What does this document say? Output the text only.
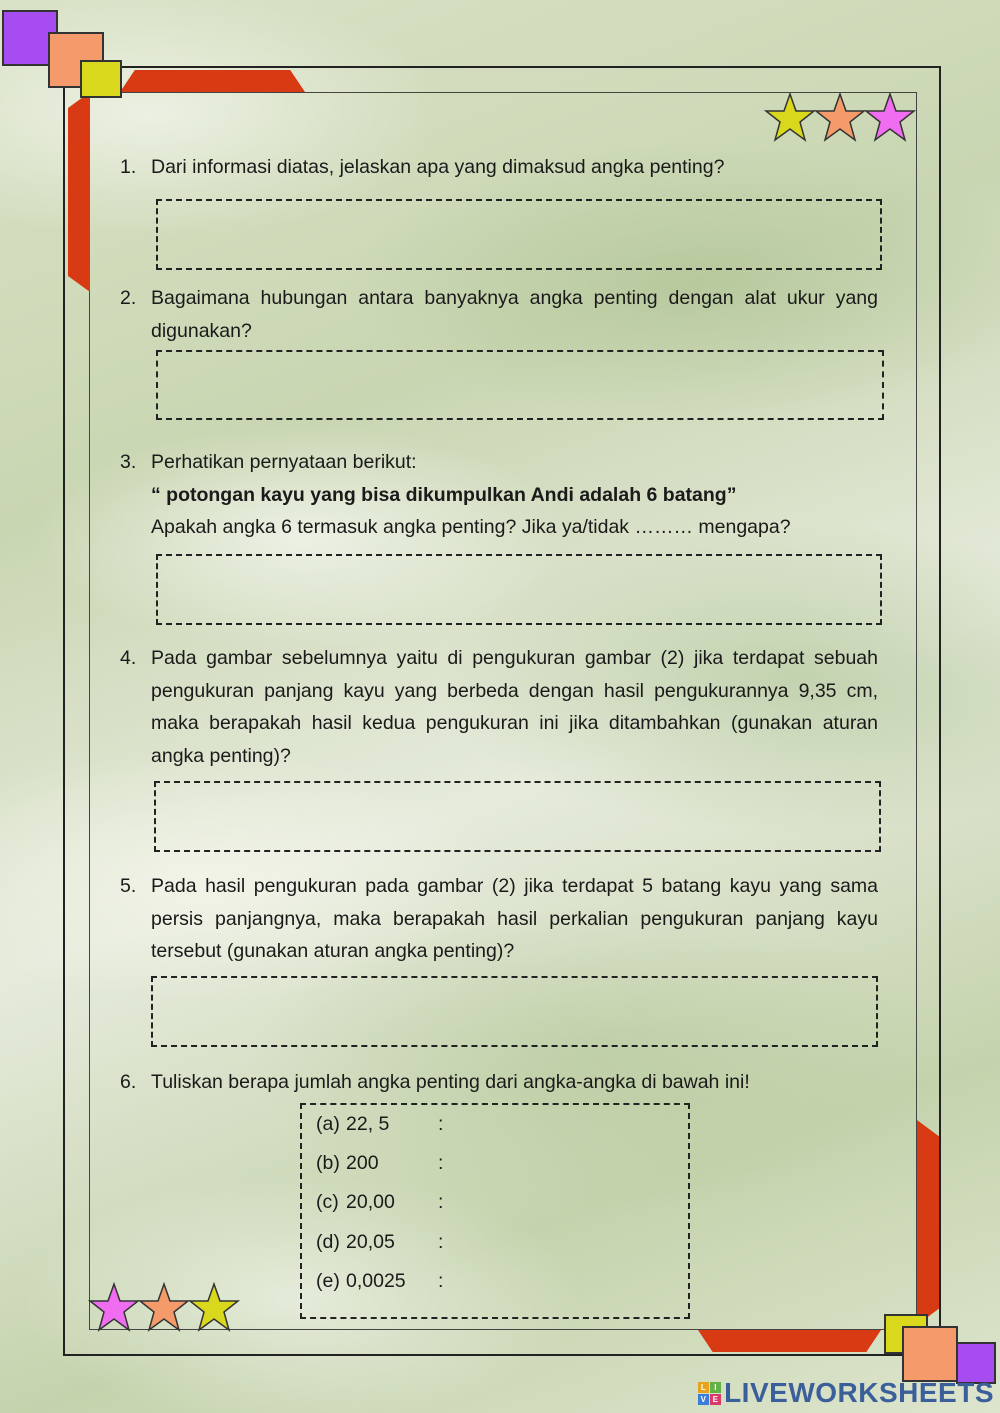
1. Dari informasi diatas, jelaskan apa yang dimaksud angka penting?
2. Bagaimana hubungan antara banyaknya angka penting dengan alat ukur yang digunakan?
3. Perhatikan pernyataan berikut:
“ potongan kayu yang bisa dikumpulkan Andi adalah 6 batang”
Apakah angka 6 termasuk angka penting? Jika ya/tidak ……… mengapa?
4. Pada gambar sebelumnya yaitu di pengukuran gambar (2) jika terdapat sebuah pengukuran panjang kayu yang berbeda dengan hasil pengukurannya 9,35 cm, maka berapakah hasil kedua pengukuran ini jika ditambahkan (gunakan aturan angka penting)?
5. Pada hasil pengukuran pada gambar (2) jika terdapat 5 batang kayu yang sama persis panjangnya, maka berapakah hasil perkalian pengukuran panjang kayu tersebut (gunakan aturan angka penting)?
6. Tuliskan berapa jumlah angka penting dari angka-angka di bawah ini!
(a) 22, 5 :
(b) 200	:
(c) 20,00 :
(d) 20,05 :
(e) 0,0025 :
L I
V E LIVEWORKSHEETS
